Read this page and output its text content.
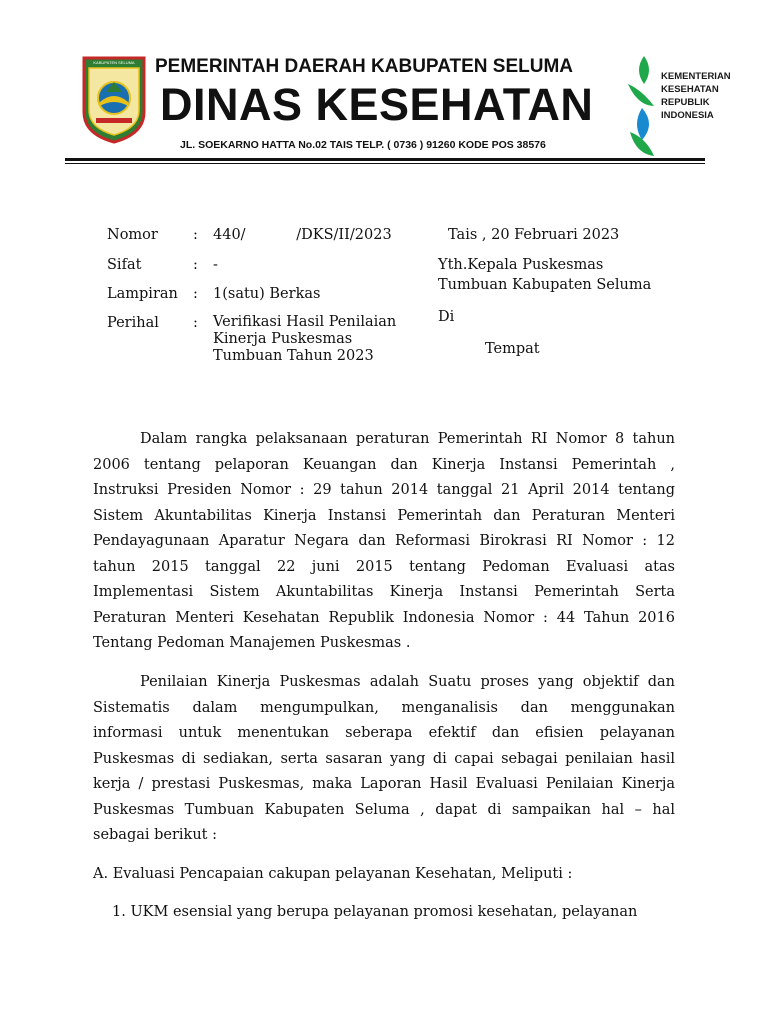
KABUPATEN SELUMA PEMERINTAH DAERAH KABUPATEN SELUMA
DINAS KESEHATAN
JL. SOEKARNO HATTA No.02 TAIS TELP. ( 0736 ) 91260 KODE POS 38576
KEMENTERIAN
KESEHATAN
REPUBLIK
INDONESIA
Nomor : 440/           /DKS/II/2023	Tais , 20 Februari 2023
Sifat	: -	Yth.Kepala Puskesmas
Tumbuan Kabupaten Seluma
Lampiran : 1(satu) Berkas
Di
Perihal : Verifikasi Hasil Penilaian
Kinerja Puskesmas
Tumbuan Tahun 2023	Tempat
Dalam rangka pelaksanaan peraturan Pemerintah RI Nomor 8 tahun
2006 tentang pelaporan Keuangan dan Kinerja Instansi Pemerintah ,
Instruksi Presiden Nomor : 29 tahun 2014 tanggal 21 April 2014 tentang
Sistem Akuntabilitas Kinerja Instansi Pemerintah dan Peraturan Menteri
Pendayagunaan Aparatur Negara dan Reformasi Birokrasi RI Nomor : 12
tahun 2015 tanggal 22 juni 2015 tentang Pedoman Evaluasi atas
Implementasi Sistem Akuntabilitas Kinerja Instansi Pemerintah Serta
Peraturan Menteri Kesehatan Republik Indonesia Nomor : 44 Tahun 2016
Tentang Pedoman Manajemen Puskesmas .
Penilaian Kinerja Puskesmas adalah Suatu proses yang objektif dan
Sistematis dalam mengumpulkan, menganalisis dan menggunakan
informasi untuk menentukan seberapa efektif dan efisien pelayanan
Puskesmas di sediakan, serta sasaran yang di capai sebagai penilaian hasil
kerja / prestasi Puskesmas, maka Laporan Hasil Evaluasi Penilaian Kinerja
Puskesmas Tumbuan Kabupaten Seluma , dapat di sampaikan hal – hal
sebagai berikut :
A. Evaluasi Pencapaian cakupan pelayanan Kesehatan, Meliputi :
1. UKM esensial yang berupa pelayanan promosi kesehatan, pelayanan
